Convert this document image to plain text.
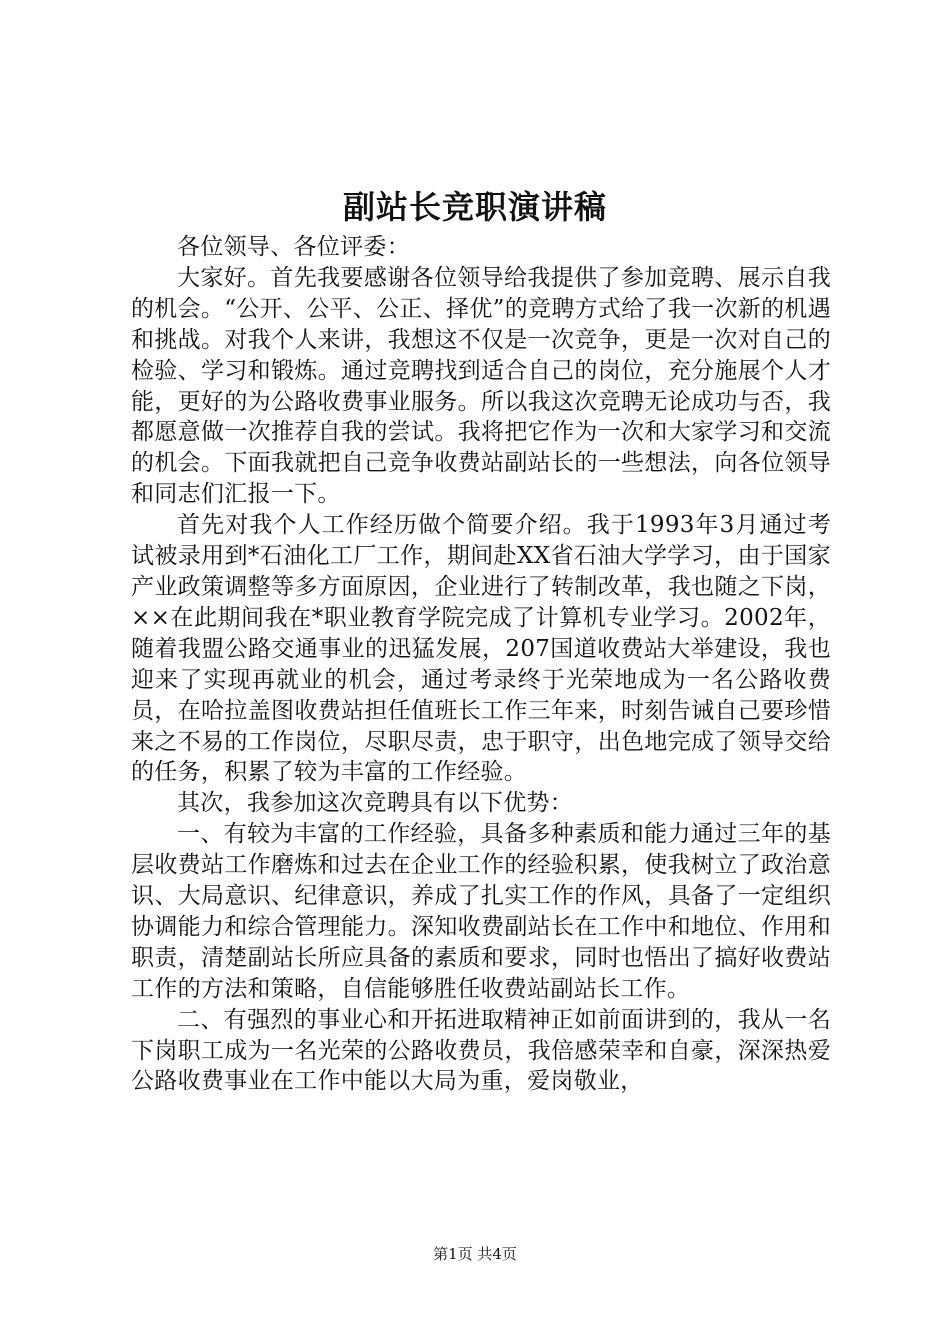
副站长竞职演讲稿

各位领导、各位评委：

大家好。首先我要感谢各位领导给我提供了参加竞聘、展示自我的机会。“公开、公平、公正、择优”的竞聘方式给了我一次新的机遇和挑战。对我个人来讲，我想这不仅是一次竞争，更是一次对自己的检验、学习和锻炼。通过竞聘找到适合自己的岗位，充分施展个人才能，更好的为公路收费事业服务。所以我这次竞聘无论成功与否，我都愿意做一次推荐自我的尝试。我将把它作为一次和大家学习和交流的机会。下面我就把自己竞争收费站副站长的一些想法，向各位领导和同志们汇报一下。

首先对我个人工作经历做个简要介绍。我于1993年3月通过考试被录用到*石油化工厂工作，期间赴XX省石油大学学习，由于国家产业政策调整等多方面原因，企业进行了转制改革，我也随之下岗，××在此期间我在*职业教育学院完成了计算机专业学习。2002年，随着我盟公路交通事业的迅猛发展，207国道收费站大举建设，我也迎来了实现再就业的机会，通过考录终于光荣地成为一名公路收费员，在哈拉盖图收费站担任值班长工作三年来，时刻告诫自己要珍惜来之不易的工作岗位，尽职尽责，忠于职守，出色地完成了领导交给的任务，积累了较为丰富的工作经验。

其次，我参加这次竞聘具有以下优势：

一、有较为丰富的工作经验，具备多种素质和能力通过三年的基层收费站工作磨炼和过去在企业工作的经验积累，使我树立了政治意识、大局意识、纪律意识，养成了扎实工作的作风，具备了一定组织协调能力和综合管理能力。深知收费副站长在工作中和地位、作用和职责，清楚副站长所应具备的素质和要求，同时也悟出了搞好收费站工作的方法和策略，自信能够胜任收费站副站长工作。

二、有强烈的事业心和开拓进取精神正如前面讲到的，我从一名下岗职工成为一名光荣的公路收费员，我倍感荣幸和自豪，深深热爱公路收费事业在工作中能以大局为重，爱岗敬业，

第1页 共4页
